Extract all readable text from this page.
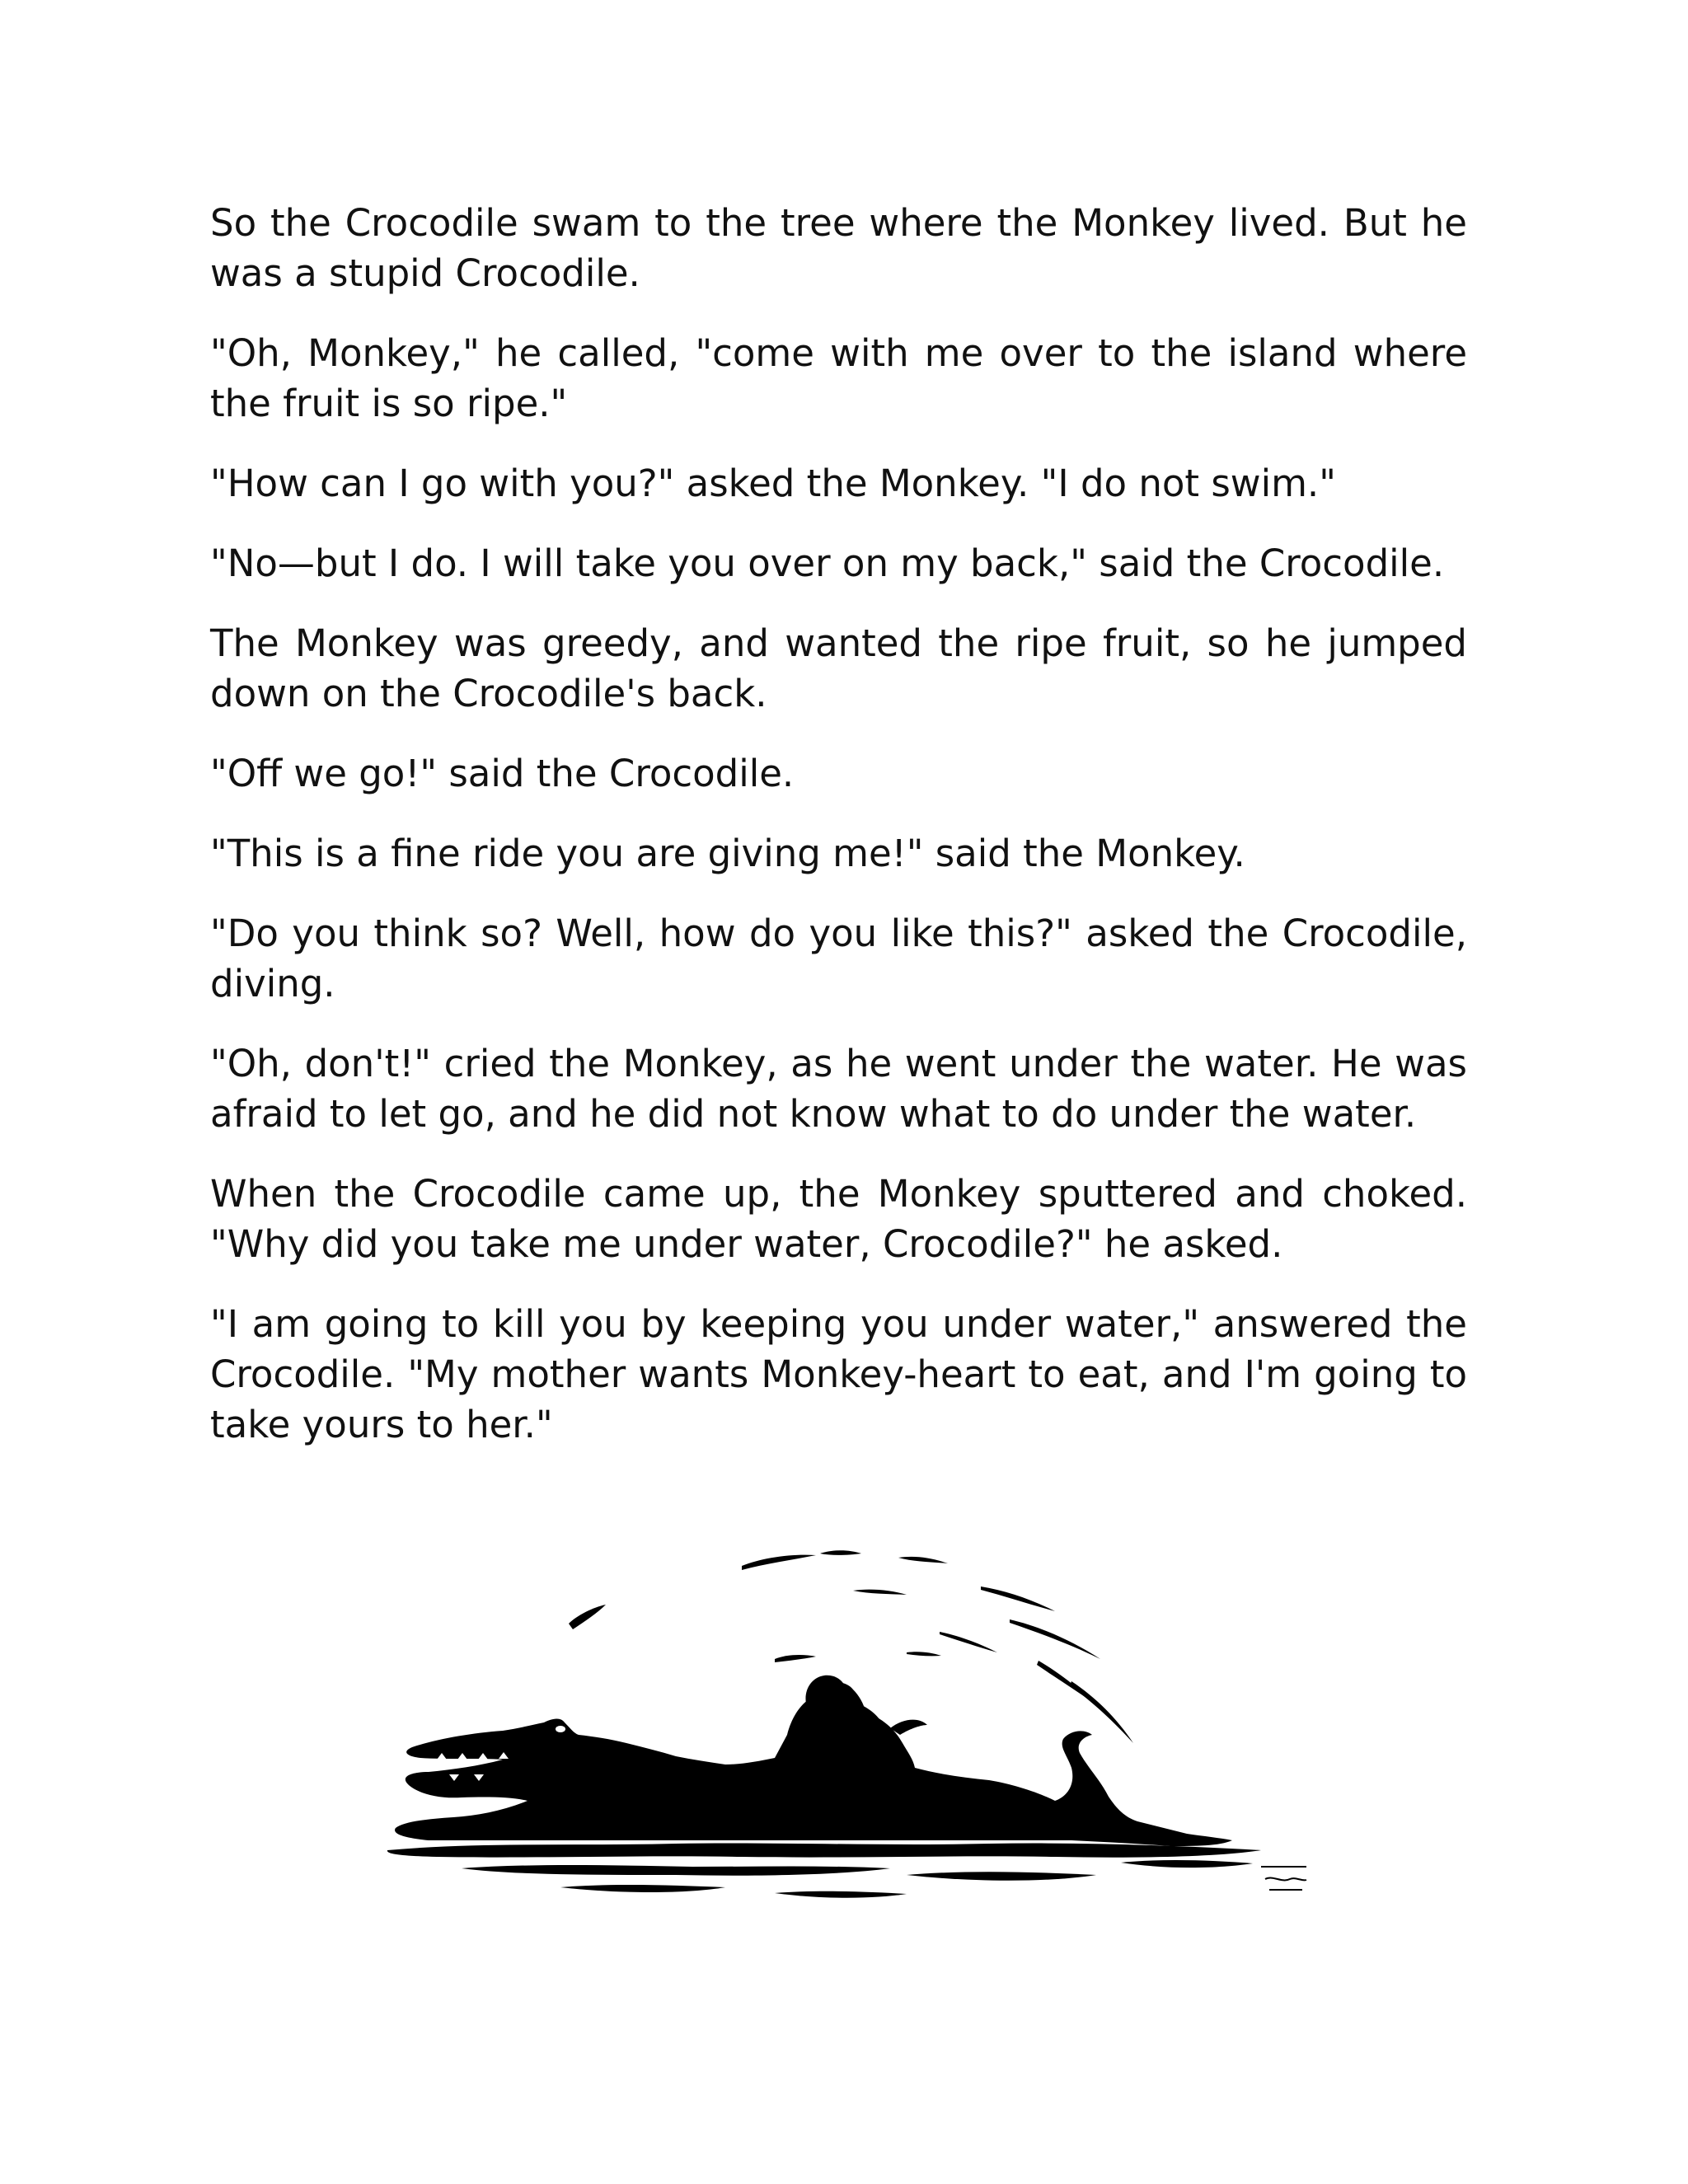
So the Crocodile swam to the tree where the Monkey lived. But he was a stupid Crocodile.

"Oh, Monkey," he called, "come with me over to the island where the fruit is so ripe."

"How can I go with you?" asked the Monkey. "I do not swim."

"No—but I do. I will take you over on my back," said the Crocodile.

The Monkey was greedy, and wanted the ripe fruit, so he jumped down on the Crocodile's back.

"Off we go!" said the Crocodile.

"This is a fine ride you are giving me!" said the Monkey.

"Do you think so? Well, how do you like this?" asked the Crocodile, diving.

"Oh, don't!" cried the Monkey, as he went under the water. He was afraid to let go, and he did not know what to do under the water.

When the Crocodile came up, the Monkey sputtered and choked. "Why did you take me under water, Crocodile?" he asked.

"I am going to kill you by keeping you under water," answered the Crocodile. "My mother wants Monkey-heart to eat, and I'm going to take yours to her."
